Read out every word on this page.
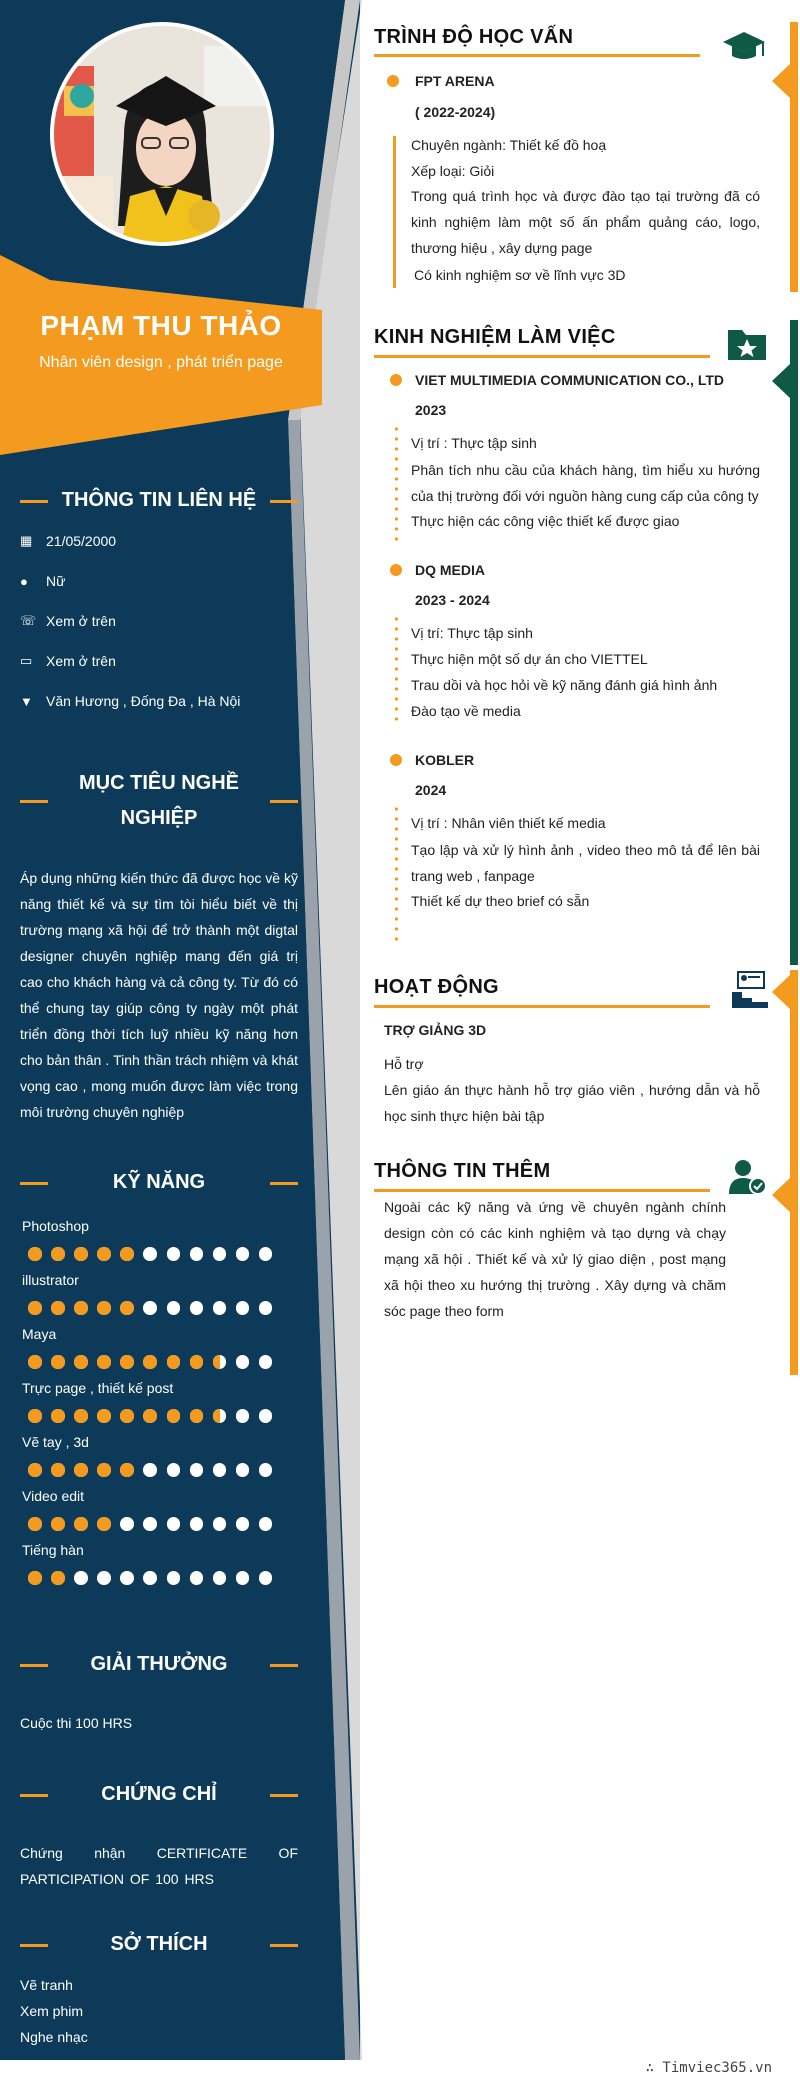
PHẠM THU THẢO
Nhân viên design , phát triển page
THÔNG TIN LIÊN HỆ
▦ 21/05/2000
●	Nữ
☏ Xem ở trên
▭ Xem ở trên
▼ Văn Hương , Đống Đa , Hà Nội
MỤC TIÊU NGHỀ
NGHIỆP
Áp dụng những kiến thức đã được học về kỹ năng thiết kế và sự tìm tòi hiểu biết về thị trường mạng xã hội để trở thành một digtal designer chuyên nghiệp mang đến giá trị cao cho khách hàng và cả công ty. Từ đó có thể chung tay giúp công ty ngày một phát triển đồng thời tích luỹ nhiều kỹ năng hơn cho bản thân . Tinh thần trách nhiệm và khát vọng cao , mong muốn được làm việc trong môi trường chuyên nghiệp
KỸ NĂNG
Photoshop
illustrator
Maya
Trực page , thiết kế post
Vẽ tay , 3d
Video edit
Tiếng hàn
GIẢI THƯỞNG
Cuộc thi 100 HRS
CHỨNG CHỈ
Chứng nhận CERTIFICATE OF PARTICIPATION OF 100 HRS
SỞ THÍCH
Vẽ tranh
Xem phim
Nghe nhạc
TRÌNH ĐỘ HỌC VẤN
FPT ARENA
( 2022-2024)
Chuyên ngành: Thiết kế đồ hoạ
Xếp loại: Giỏi
Trong quá trình học và được đào tạo tại trường đã có kinh nghiệm làm một số ấn phẩm quảng cáo, logo, thương hiệu , xây dựng page
Có kinh nghiệm sơ về lĩnh vực 3D
KINH NGHIỆM LÀM VIỆC
VIET MULTIMEDIA COMMUNICATION CO., LTD
2023
Vị trí : Thực tập sinh
Phân tích nhu cầu của khách hàng, tìm hiểu xu hướng của thị trường đối với nguồn hàng cung cấp của công ty
Thực hiện các công việc thiết kế được giao
DQ MEDIA
2023 - 2024
Vị trí: Thực tập sinh
Thực hiện một số dự án cho VIETTEL
Trau dồi và học hỏi về kỹ năng đánh giá hình ảnh
Đào tạo về media
KOBLER
2024
Vị trí : Nhân viên thiết kế media
Tạo lập và xử lý hình ảnh , video theo mô tả để lên bài trang web , fanpage
Thiết kế dự theo brief có sẵn
HOẠT ĐỘNG
TRỢ GIẢNG 3D
Hỗ trợ
Lên giáo án thực hành hỗ trợ giáo viên , hướng dẫn và hỗ học sinh thực hiện bài tập
THÔNG TIN THÊM
Ngoài các kỹ năng và ứng về chuyên ngành chính design còn có các kinh nghiệm và tạo dựng và chạy mạng xã hội . Thiết kế và xử lý giao diện , post mạng xã hội theo xu hướng thị trường . Xây dựng và chăm sóc page theo form
∴ Timviec365.vn
